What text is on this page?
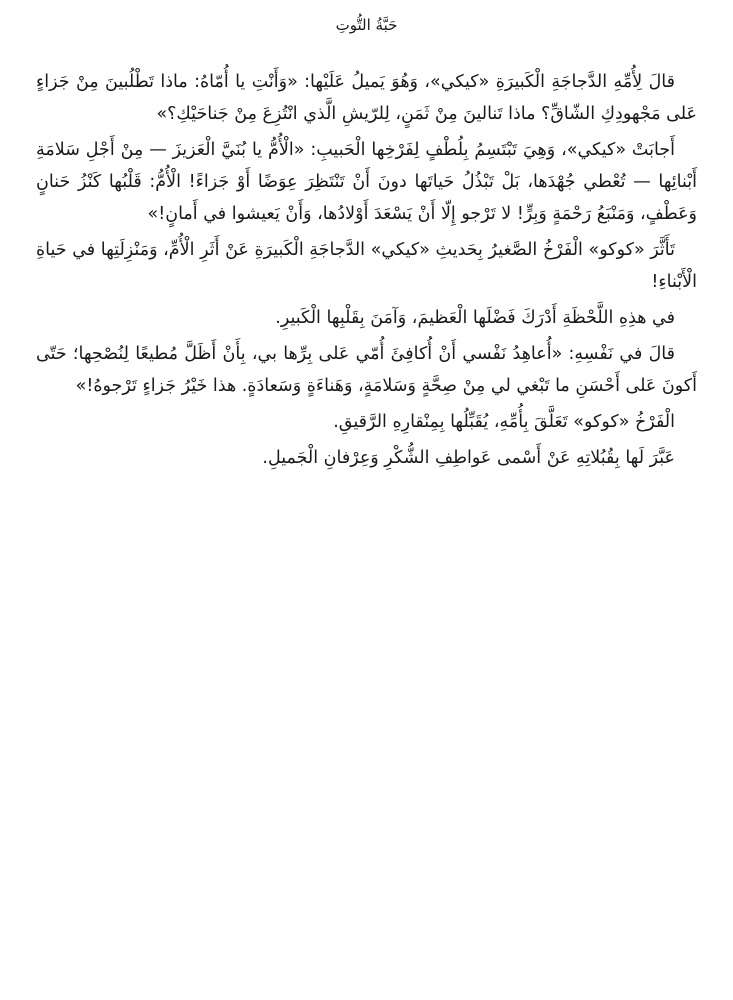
حَبَّةُ التُّوتِ

قالَ لِأُمِّهِ الدَّجاجَةِ الْكَبيرَةِ «كيكي»، وَهُوَ يَميلُ عَلَيْها: «وَأَنْتِ يا أُمّاهُ: ماذا تَطْلُبينَ مِنْ جَزاءٍ عَلى مَجْهودِكِ الشّاقِّ؟ ماذا تَنالينَ مِنْ ثَمَنٍ، لِلرّيشِ الَّذي انْتُزِعَ مِنْ جَناحَيْكِ؟»

أَجابَتْ «كيكي»، وَهِيَ تَبْتَسِمُ بِلُطْفٍ لِفَرْخِها الْحَبيبِ: «الْأُمُّ يا بُنَيَّ الْعَزيزَ — مِنْ أَجْلِ سَلامَةِ أَبْنائِها — تُعْطي جُهْدَها، بَلْ تَبْذُلُ حَياتَها دونَ أَنْ تَنْتَظِرَ عِوَضًا أَوْ جَزاءً! الْأُمُّ: قَلْبُها كَنْزُ حَنانٍ وَعَطْفٍ، وَمَنْبَعُ رَحْمَةٍ وَبِرٍّ! لا تَرْجو إِلّا أَنْ يَسْعَدَ أَوْلادُها، وَأَنْ يَعيشوا في أَمانٍ!»

تَأَثَّرَ «كوكو» الْفَرْخُ الصَّغيرُ بِحَديثِ «كيكي» الدَّجاجَةِ الْكَبيرَةِ عَنْ أَثَرِ الْأُمِّ، وَمَنْزِلَتِها في حَياةِ الْأَبْناءِ!

في هذِهِ اللَّحْظَةِ أَدْرَكَ فَضْلَها الْعَظيمَ، وَآمَنَ بِقَلْبِها الْكَبيرِ.

قالَ في نَفْسِهِ: «أُعاهِدُ نَفْسي أَنْ أُكافِئَ أُمّي عَلى بِرِّها بي، بِأَنْ أَظَلَّ مُطيعًا لِنُصْحِها؛ حَتّى أَكونَ عَلى أَحْسَنِ ما تَبْغي لي مِنْ صِحَّةٍ وَسَلامَةٍ، وَهَناءَةٍ وَسَعادَةٍ. هذا خَيْرُ جَزاءٍ تَرْجوهُ!»

الْفَرْخُ «كوكو» تَعَلَّقَ بِأُمِّهِ، يُقَبِّلُها بِمِنْقارِهِ الرَّقيقِ.

عَبَّرَ لَها بِقُبُلاتِهِ عَنْ أَسْمى عَواطِفِ الشُّكْرِ وَعِرْفانِ الْجَميلِ.
